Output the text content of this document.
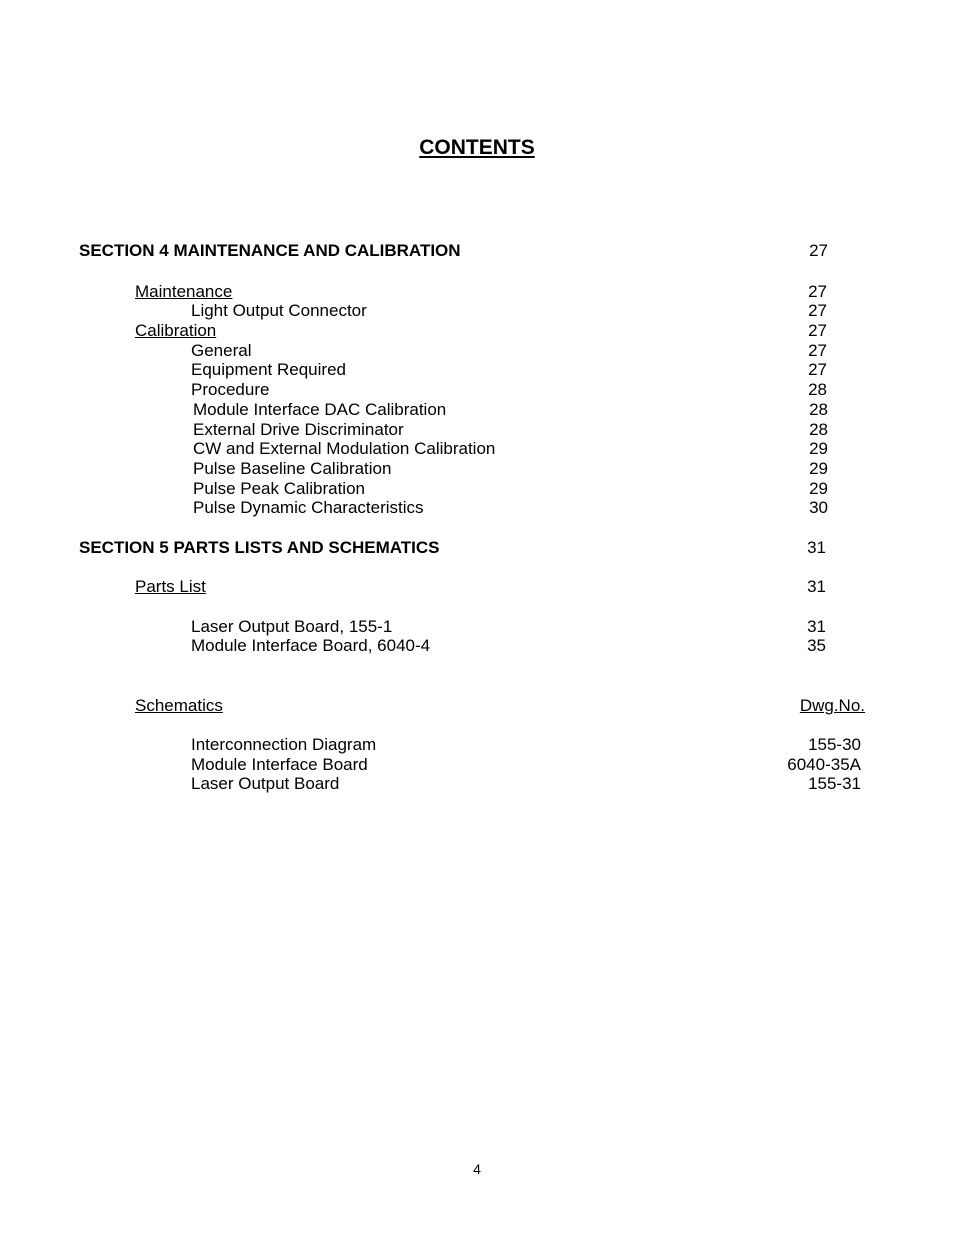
CONTENTS
SECTION 4 MAINTENANCE AND CALIBRATION	27
Maintenance	27
Light Output Connector	27
Calibration	27
General	27
Equipment Required	27
Procedure	28
Module Interface DAC Calibration	28
External Drive Discriminator	28
CW and External Modulation Calibration	29
Pulse Baseline Calibration	29
Pulse Peak Calibration	29
Pulse Dynamic Characteristics	30
SECTION 5 PARTS LISTS AND SCHEMATICS	31
Parts List	31
Laser Output Board, 155-1	31
Module Interface Board, 6040-4	35
Schematics	Dwg.No.
Interconnection Diagram	155-30
Module Interface Board	6040-35A
Laser Output Board	155-31
4
